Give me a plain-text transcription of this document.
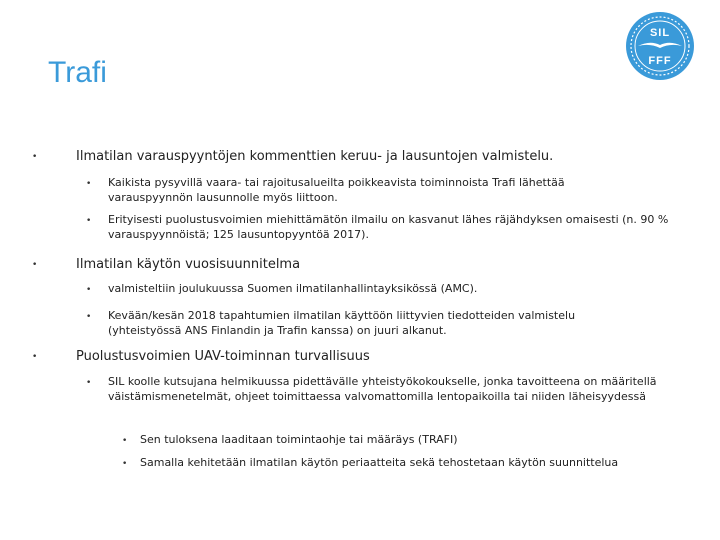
Trafi
SIL
FFF
•	Ilmatilan varauspyyntöjen kommenttien keruu- ja lausuntojen valmistelu.
• Kaikista pysyvillä vaara- tai rajoitusalueilta poikkeavista toiminnoista Trafi lähettää varauspyynnön lausunnolle myös liittoon.
• Erityisesti puolustusvoimien miehittämätön ilmailu on kasvanut lähes räjähdyksen omaisesti (n. 90 % varauspyynnöistä; 125 lausuntopyyntöä 2017).
•	Ilmatilan käytön vuosisuunnitelma
• valmisteltiin joulukuussa Suomen ilmatilanhallintayksikössä (AMC).
• Kevään/kesän 2018 tapahtumien ilmatilan käyttöön liittyvien tiedotteiden valmistelu (yhteistyössä ANS Finlandin ja Trafin kanssa) on juuri alkanut.
•	Puolustusvoimien UAV-toiminnan turvallisuus
• SIL koolle kutsujana helmikuussa pidettävälle yhteistyökokoukselle, jonka tavoitteena on määritellä väistämismenetelmät, ohjeet toimittaessa valvomattomilla lentopaikoilla tai niiden läheisyydessä
• Sen tuloksena laaditaan toimintaohje tai määräys (TRAFI)
• Samalla kehitetään ilmatilan käytön periaatteita sekä tehostetaan käytön suunnittelua
